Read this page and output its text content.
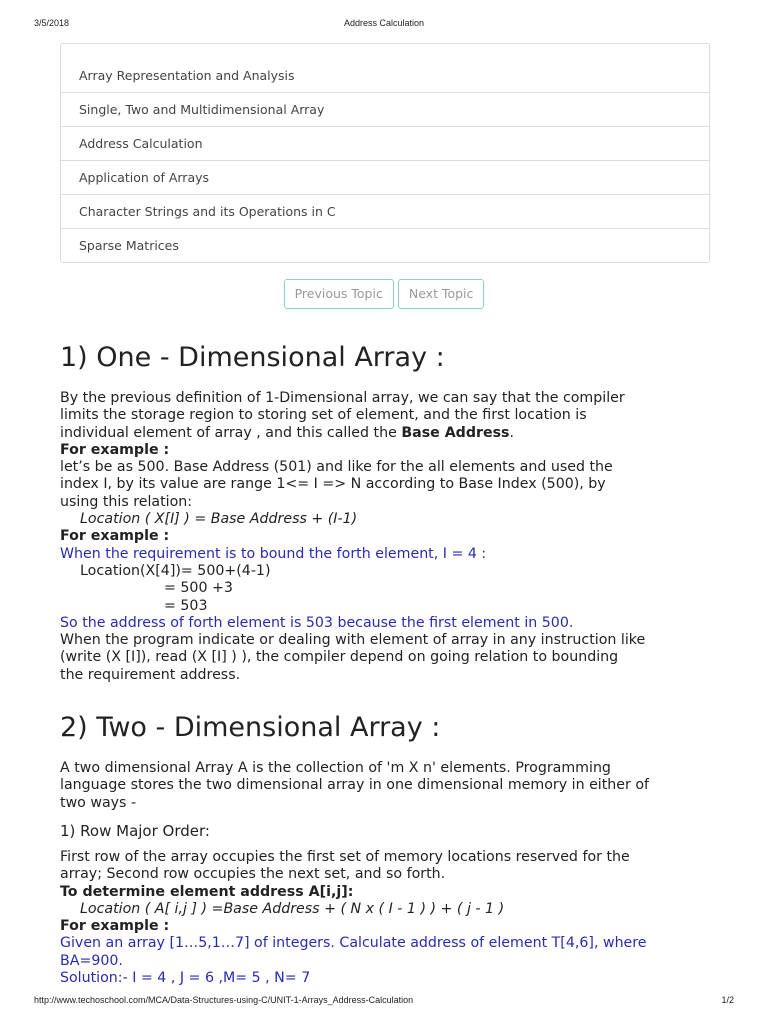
3/5/2018	Address Calculation
Array Representation and Analysis
Single, Two and Multidimensional Array
Address Calculation
Application of Arrays
Character Strings and its Operations in C
Sparse Matrices
Previous Topic Next Topic
1) One - Dimensional Array :
By the previous definition of 1-Dimensional array, we can say that the compiler
limits the storage region to storing set of element, and the first location is
individual element of array , and this called the Base Address.
For example :
let’s be as 500. Base Address (501) and like for the all elements and used the
index I, by its value are range 1<= I => N according to Base Index (500), by
using this relation:
Location ( X[I] ) = Base Address + (I-1)
For example :
When the requirement is to bound the forth element, I = 4 :
Location(X[4])= 500+(4-1)
= 500 +3
= 503
So the address of forth element is 503 because the first element in 500.
When the program indicate or dealing with element of array in any instruction like
(write (X [I]), read (X [I] ) ), the compiler depend on going relation to bounding
the requirement address.
2) Two - Dimensional Array :
A two dimensional Array A is the collection of 'm X n' elements. Programming
language stores the two dimensional array in one dimensional memory in either of
two ways -
1) Row Major Order:
First row of the array occupies the first set of memory locations reserved for the
array; Second row occupies the next set, and so forth.
To determine element address A[i,j]:
Location ( A[ i,j ] ) =Base Address + ( N x ( I - 1 ) ) + ( j - 1 )
For example :
Given an array [1…5,1…7] of integers. Calculate address of element T[4,6], where
BA=900.
Solution:- I = 4 , J = 6 ,M= 5 , N= 7
http://www.techoschool.com/MCA/Data-Structures-using-C/UNIT-1-Arrays_Address-Calculation	1/2
